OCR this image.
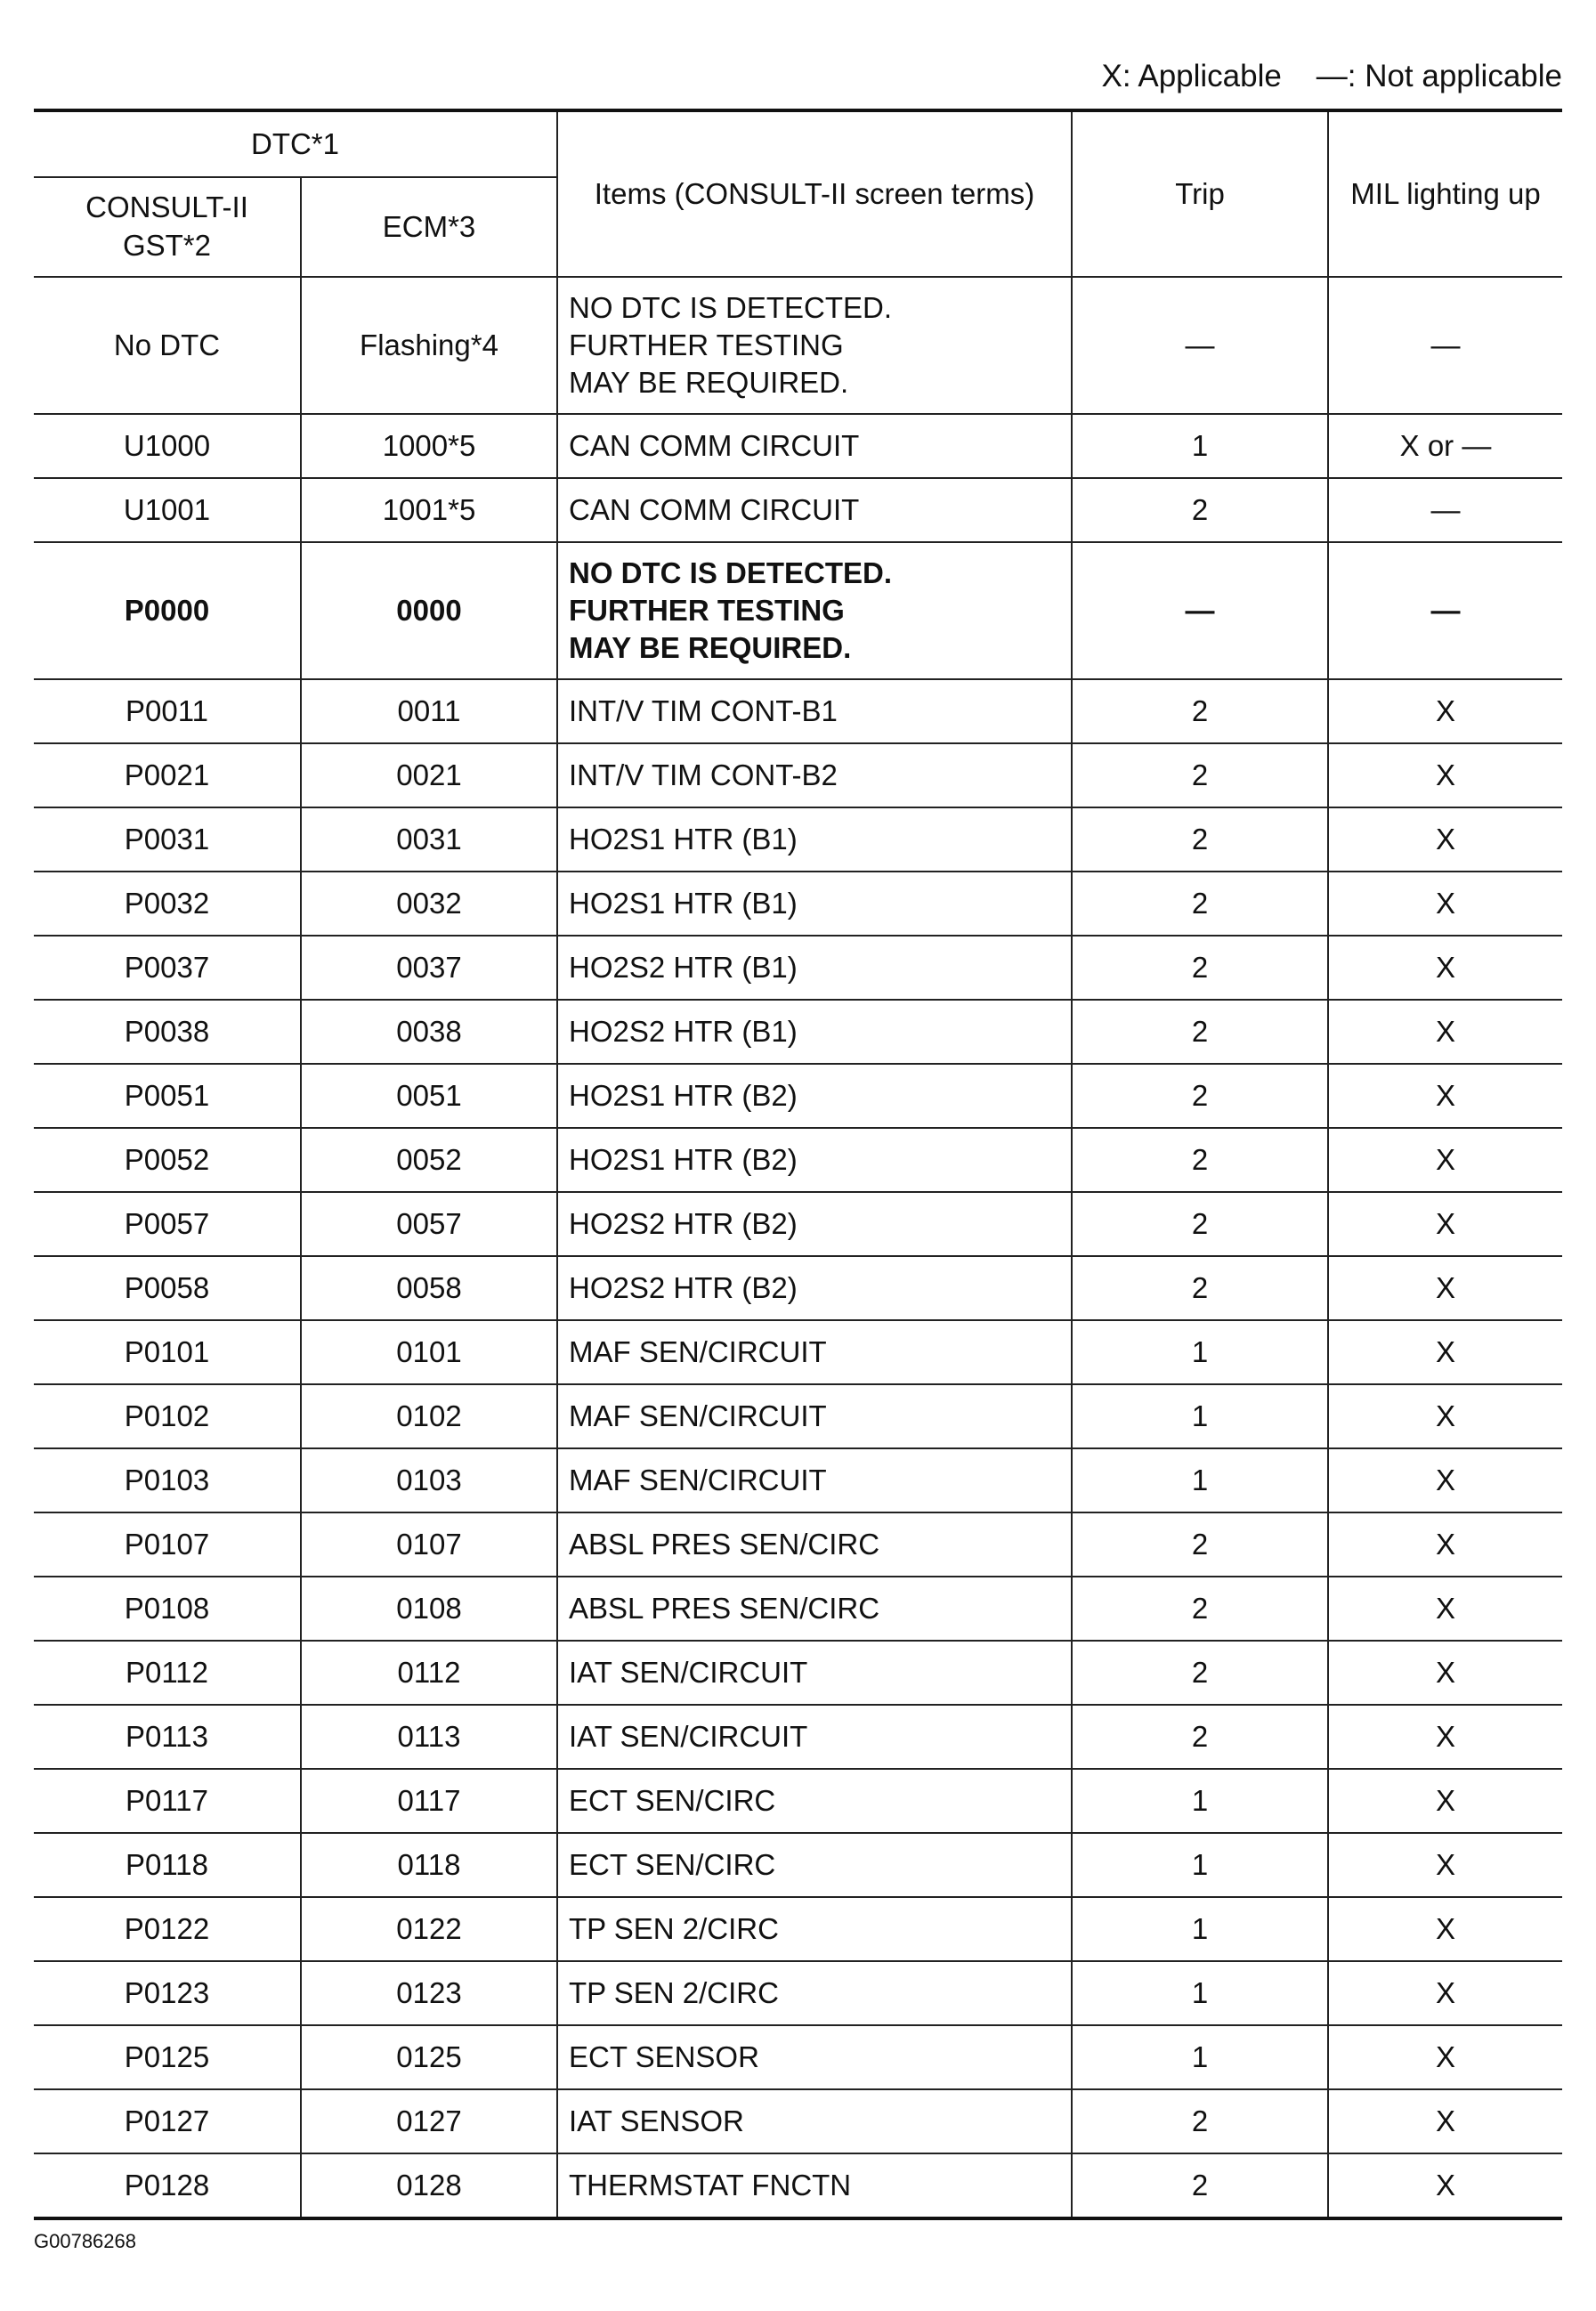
X: Applicable    —: Not applicable
DTC*1		Items (CONSULT-II screen terms)	Trip	MIL lighting up
CONSULT-II
GST*2	ECM*3			
No DTC	Flashing*4	NO DTC IS DETECTED.
FURTHER TESTING
MAY BE REQUIRED.	—	—
U1000	1000*5	CAN COMM CIRCUIT	1	X or —
U1001	1001*5	CAN COMM CIRCUIT	2	—
P0000	0000	NO DTC IS DETECTED.
FURTHER TESTING
MAY BE REQUIRED.	—	—
P0011	0011	INT/V TIM CONT-B1	2	X
P0021	0021	INT/V TIM CONT-B2	2	X
P0031	0031	HO2S1 HTR (B1)	2	X
P0032	0032	HO2S1 HTR (B1)	2	X
P0037	0037	HO2S2 HTR (B1)	2	X
P0038	0038	HO2S2 HTR (B1)	2	X
P0051	0051	HO2S1 HTR (B2)	2	X
P0052	0052	HO2S1 HTR (B2)	2	X
P0057	0057	HO2S2 HTR (B2)	2	X
P0058	0058	HO2S2 HTR (B2)	2	X
P0101	0101	MAF SEN/CIRCUIT	1	X
P0102	0102	MAF SEN/CIRCUIT	1	X
P0103	0103	MAF SEN/CIRCUIT	1	X
P0107	0107	ABSL PRES SEN/CIRC	2	X
P0108	0108	ABSL PRES SEN/CIRC	2	X
P0112	0112	IAT SEN/CIRCUIT	2	X
P0113	0113	IAT SEN/CIRCUIT	2	X
P0117	0117	ECT SEN/CIRC	1	X
P0118	0118	ECT SEN/CIRC	1	X
P0122	0122	TP SEN 2/CIRC	1	X
P0123	0123	TP SEN 2/CIRC	1	X
P0125	0125	ECT SENSOR	1	X
P0127	0127	IAT SENSOR	2	X
P0128	0128	THERMSTAT FNCTN	2	X
G00786268
